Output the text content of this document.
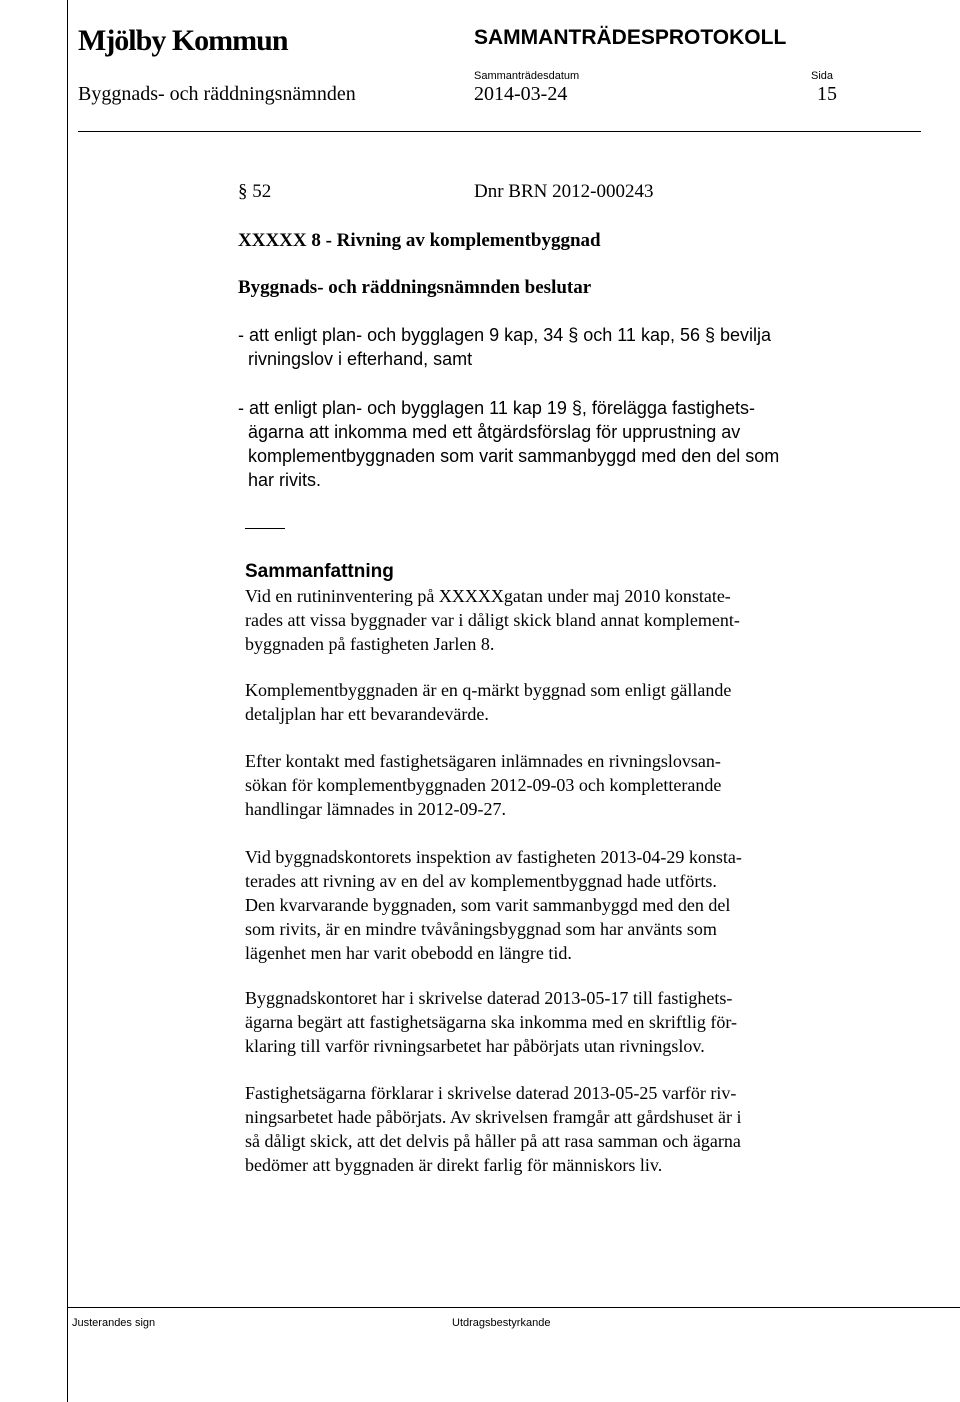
Mjölby Kommun	SAMMANTRÄDESPROTOKOLL
Sammanträdesdatum	Sida
Byggnads- och räddningsnämnden	2014-03-24	15
§ 52	Dnr BRN 2012-000243
XXXXX 8 - Rivning av komplementbyggnad
Byggnads- och räddningsnämnden beslutar
- att enligt plan- och bygglagen 9 kap, 34 § och 11 kap, 56 § bevilja
rivningslov i efterhand, samt
- att enligt plan- och bygglagen 11 kap 19 §, förelägga fastighets-
ägarna att inkomma med ett åtgärdsförslag för upprustning av
komplementbyggnaden som varit sammanbyggd med den del som
har rivits.
Sammanfattning
Vid en rutininventering på XXXXXgatan under maj 2010 konstate-
rades att vissa byggnader var i dåligt skick bland annat komplement-
byggnaden på fastigheten Jarlen 8.
Komplementbyggnaden är en q-märkt byggnad som enligt gällande
detaljplan har ett bevarandevärde.
Efter kontakt med fastighetsägaren inlämnades en rivningslovsan-
sökan för komplementbyggnaden 2012-09-03 och kompletterande
handlingar lämnades in 2012-09-27.
Vid byggnadskontorets inspektion av fastigheten 2013-04-29 konsta-
terades att rivning av en del av komplementbyggnad hade utförts.
Den kvarvarande byggnaden, som varit sammanbyggd med den del
som rivits, är en mindre tvåvåningsbyggnad som har använts som
lägenhet men har varit obebodd en längre tid.
Byggnadskontoret har i skrivelse daterad 2013-05-17 till fastighets-
ägarna begärt att fastighetsägarna ska inkomma med en skriftlig för-
klaring till varför rivningsarbetet har påbörjats utan rivningslov.
Fastighetsägarna förklarar i skrivelse daterad 2013-05-25 varför riv-
ningsarbetet hade påbörjats. Av skrivelsen framgår att gårdshuset är i
så dåligt skick, att det delvis på håller på att rasa samman och ägarna
bedömer att byggnaden är direkt farlig för människors liv.
Justerandes sign	Utdragsbestyrkande
